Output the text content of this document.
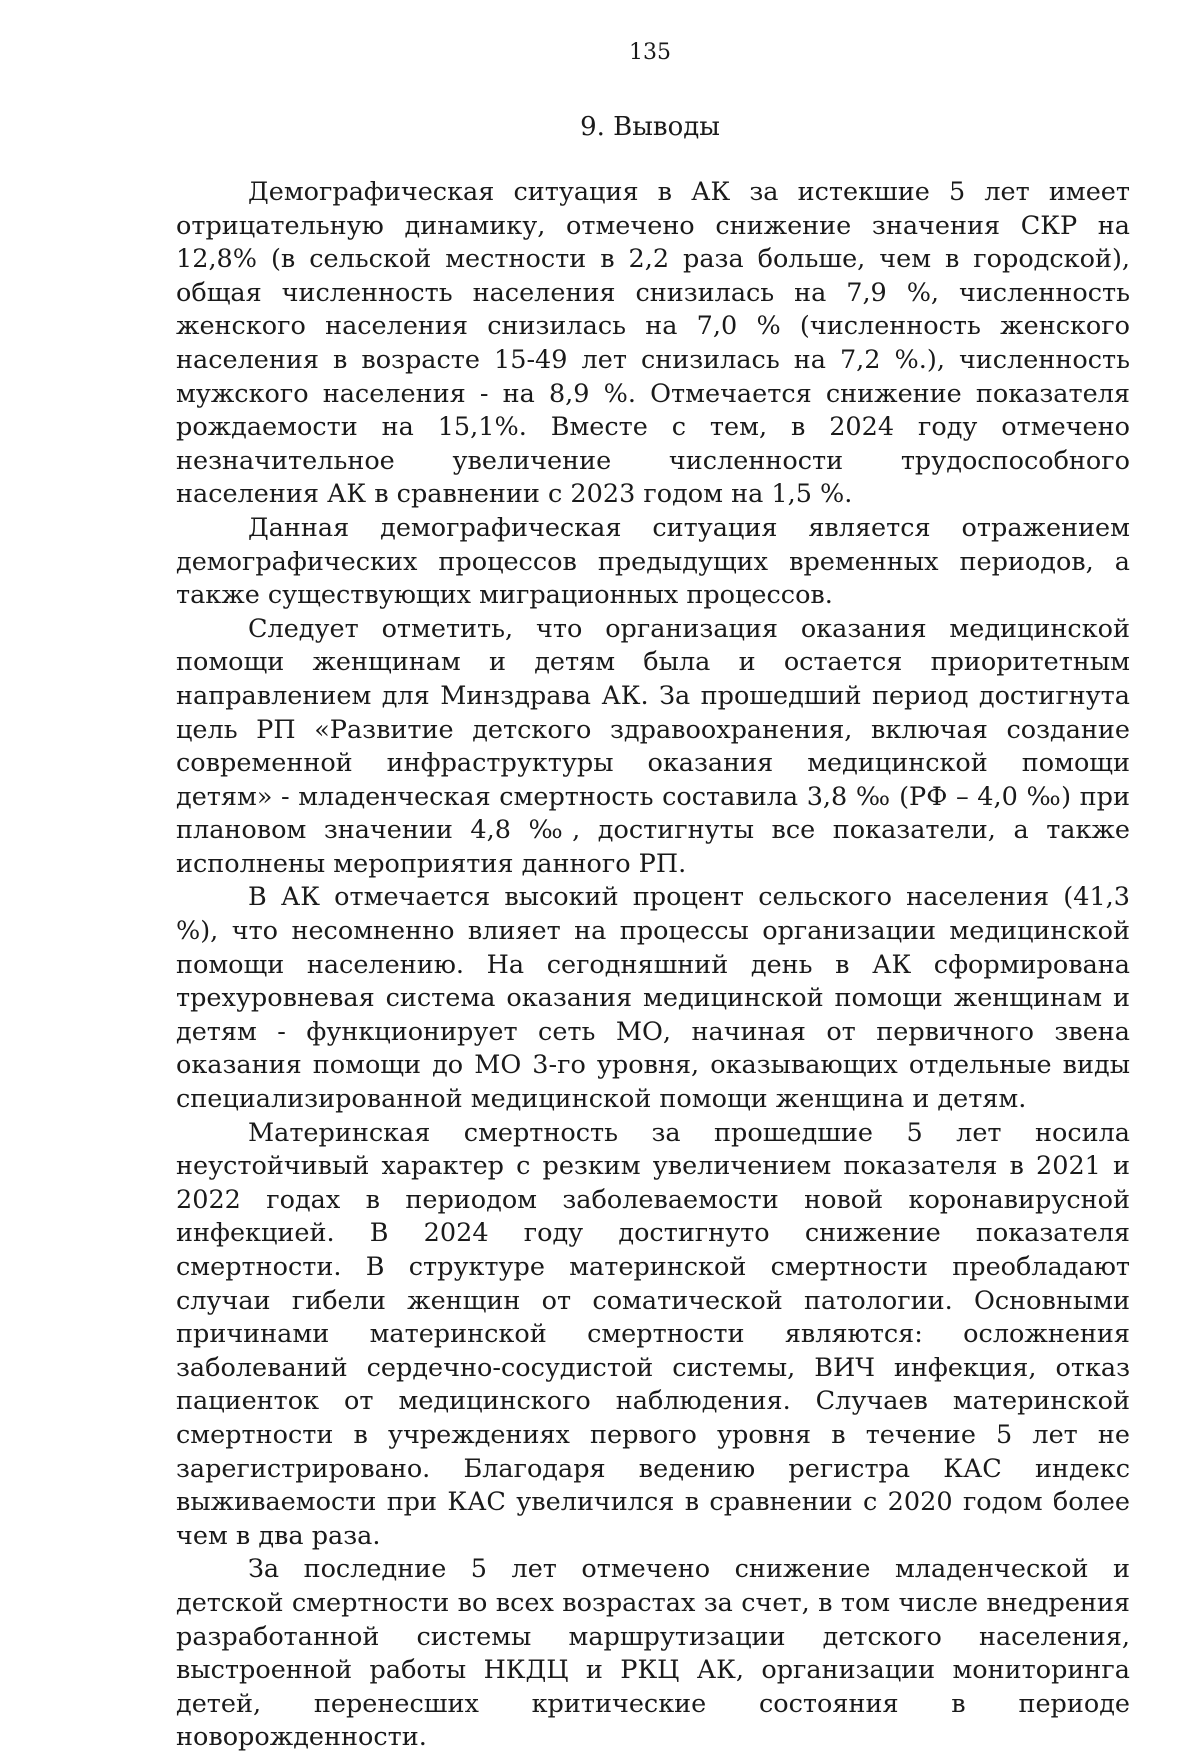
135
9. Выводы

Демографическая ситуация в АК за истекшие 5 лет имеет отрицательную динамику, отмечено снижение значения СКР на 12,8% (в сельской местности в 2,2 раза больше, чем в городской), общая численность населения снизилась на 7,9 %, численность женского населения снизилась на 7,0 % (численность женского населения в возрасте 15-49 лет снизилась на 7,2 %.), численность мужского населения - на 8,9 %. Отмечается снижение показателя рождаемости на 15,1%. Вместе с тем, в 2024 году отмечено незначительное увеличение численности трудоспособного населения АК в сравнении с 2023 годом на 1,5 %.

Данная демографическая ситуация является отражением демографических процессов предыдущих временных периодов, а также существующих миграционных процессов.

Следует отметить, что организация оказания медицинской помощи женщинам и детям была и остается приоритетным направлением для Минздрава АК. За прошедший период достигнута цель РП «Развитие детского здравоохранения, включая создание современной инфраструктуры оказания медицинской помощи детям» - младенческая смертность составила 3,8 ‰ (РФ – 4,0 ‰) при плановом значении 4,8 ‰, достигнуты все показатели, а также исполнены мероприятия данного РП.

В АК отмечается высокий процент сельского населения (41,3 %), что несомненно влияет на процессы организации медицинской помощи населению. На сегодняшний день в АК сформирована трехуровневая система оказания медицинской помощи женщинам и детям - функционирует сеть МО, начиная от первичного звена оказания помощи до МО 3-го уровня, оказывающих отдельные виды специализированной медицинской помощи женщина и детям.

Материнская смертность за прошедшие 5 лет носила неустойчивый характер с резким увеличением показателя в 2021 и 2022 годах в периодом заболеваемости новой коронавирусной инфекцией. В 2024 году достигнуто снижение показателя смертности. В структуре материнской смертности преобладают случаи гибели женщин от соматической патологии. Основными причинами материнской смертности являются: осложнения заболеваний сердечно-сосудистой системы, ВИЧ инфекция, отказ пациенток от медицинского наблюдения. Случаев материнской смертности в учреждениях первого уровня в течение 5 лет не зарегистрировано. Благодаря ведению регистра КАС индекс выживаемости при КАС увеличился в сравнении с 2020 годом более чем в два раза.

За последние 5 лет отмечено снижение младенческой и детской смертности во всех возрастах за счет, в том числе внедрения разработанной системы маршрутизации детского населения, выстроенной работы НКДЦ и РКЦ АК, организации мониторинга детей, перенесших критические состояния в периоде новорожденности.
